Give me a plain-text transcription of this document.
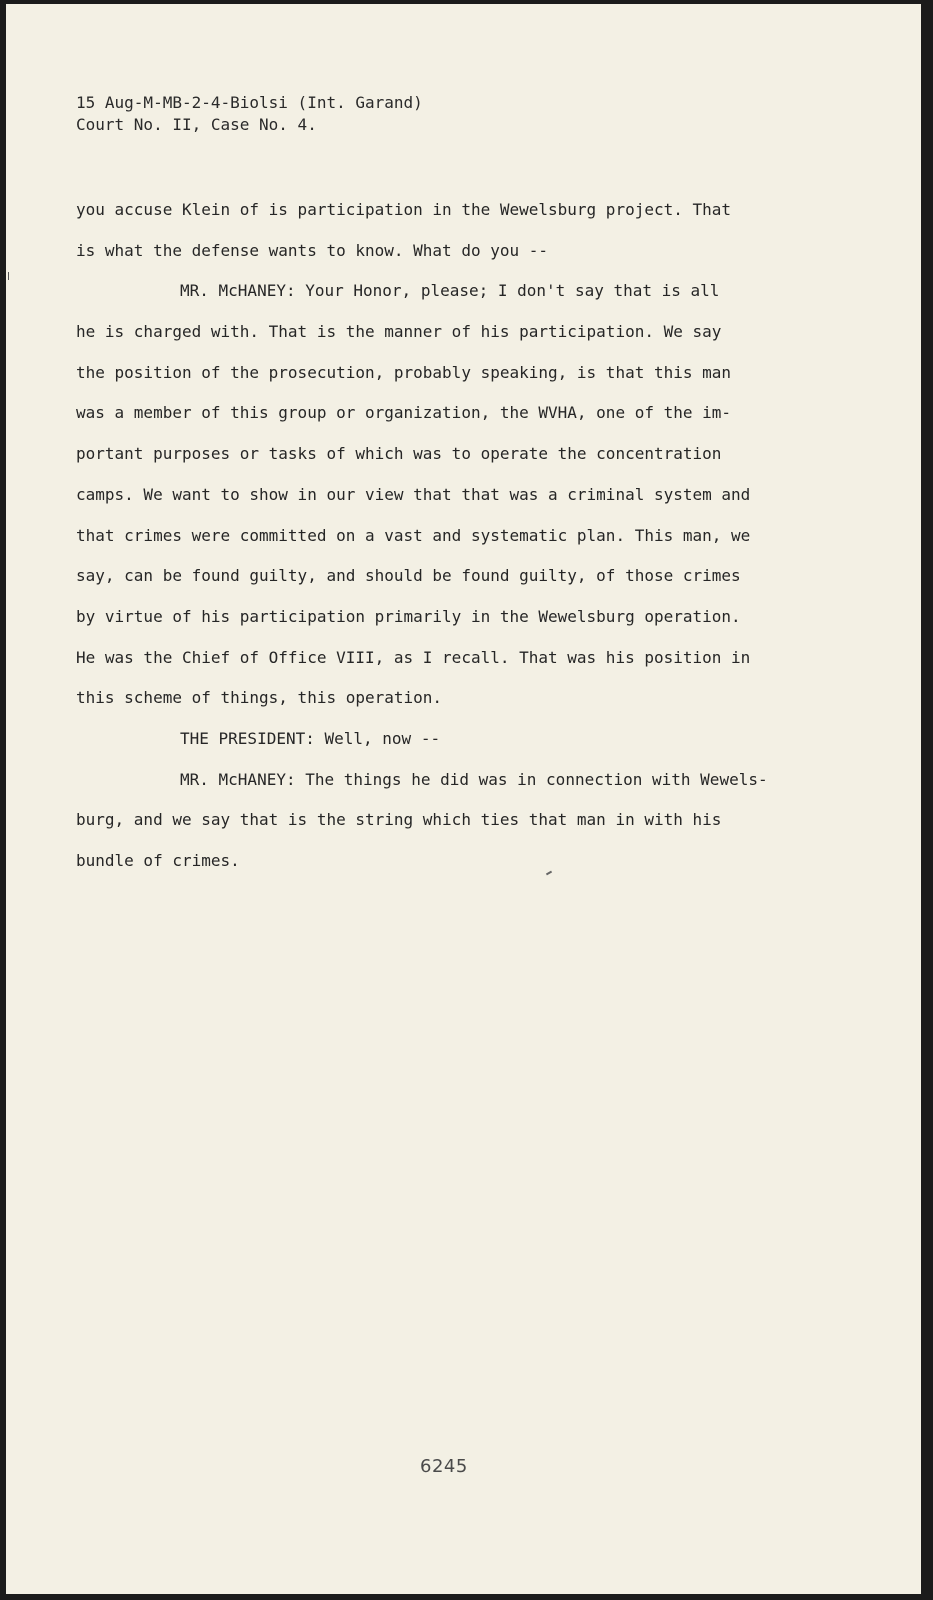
15 Aug-M-MB-2-4-Biolsi (Int. Garand)
Court No. II, Case No. 4.
you accuse Klein of is participation in the Wewelsburg project. That
is what the defense wants to know. What do you --
MR. McHANEY: Your Honor, please; I don't say that is all
he is charged with. That is the manner of his participation. We say
the position of the prosecution, probably speaking, is that this man
was a member of this group or organization, the WVHA, one of the im-
portant purposes or tasks of which was to operate the concentration
camps. We want to show in our view that that was a criminal system and
that crimes were committed on a vast and systematic plan. This man, we
say, can be found guilty, and should be found guilty, of those crimes
by virtue of his participation primarily in the Wewelsburg operation.
He was the Chief of Office VIII, as I recall. That was his position in
this scheme of things, this operation.
THE PRESIDENT: Well, now --
MR. McHANEY: The things he did was in connection with Wewels-
burg, and we say that is the string which ties that man in with his
bundle of crimes.
6245
